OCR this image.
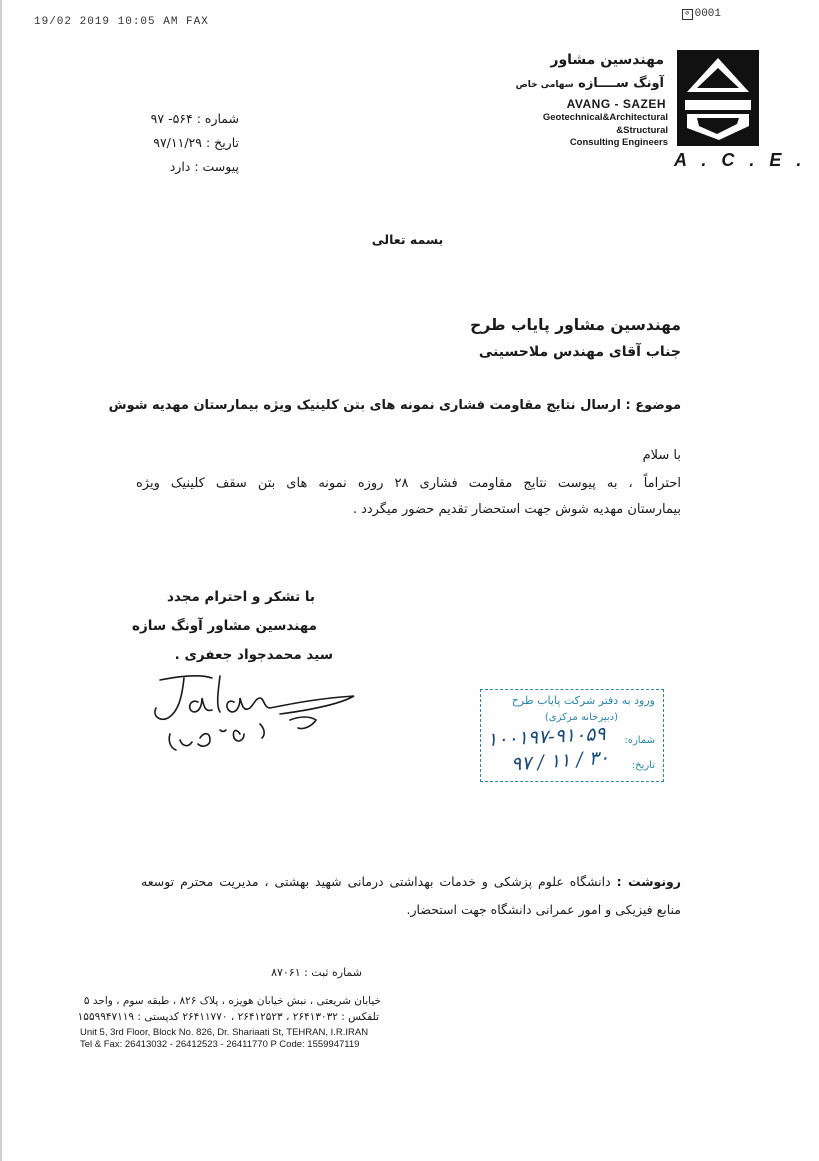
19/02 2019 10:05 AM FAX
⊘ 0001
مهندسین مشاور
آونگ ســــازه سهامی خاص
AVANG - SAZEH
Geotechnical&Architectural
&Structural
Consulting Engineers
A . C . E .
شماره : ۵۶۴- ۹۷
تاریخ : ۹۷/۱۱/۲۹
پیوست : دارد
بسمه تعالی
مهندسین مشاور پایاب طرح
جناب آقای مهندس ملاحسینی
موضوع : ارسال نتایج مقاومت فشاری نمونه های بتن کلینیک ویژه بیمارستان مهدیه شوش
با سلام
احتراماً ، به پیوست نتایج مقاومت فشاری ۲۸ روزه نمونه های بتن سقف کلینیک ویژه
بیمارستان مهدیه شوش جهت استحضار تقدیم حضور میگردد .
با تشکر و احترام مجدد
مهندسین مشاور آونگ سازه
سید محمدجواد جعفری .
ورود به دفتر شرکت پایاب طرح
(دبیرخانه مرکزی)
شماره:
تاریخ:
۱۰۰۱۹۷-۹۱۰۵۹
۹۷ / ۱۱ / ۳۰
رونوشت : دانشگاه علوم پزشکی و خدمات بهداشتی درمانی شهید بهشتی ، مدیریت محترم توسعه منابع فیزیکی و امور عمرانی دانشگاه جهت استحضار.
شماره ثبت : ۸۷۰۶۱
خیابان شریعتی ، نبش خیابان هویزه ، پلاک ۸۲۶ ، طبقه سوم ، واحد ۵
تلفکس : ۲۶۴۱۳۰۳۲ ، ۲۶۴۱۲۵۲۳ ، ۲۶۴۱۱۷۷۰ کدپستی : ۱۵۵۹۹۴۷۱۱۹
Unit 5, 3rd Floor, Block No. 826, Dr. Shariaati St, TEHRAN, I.R.IRAN
Tel & Fax: 26413032 - 26412523 - 26411770 P Code: 1559947119
